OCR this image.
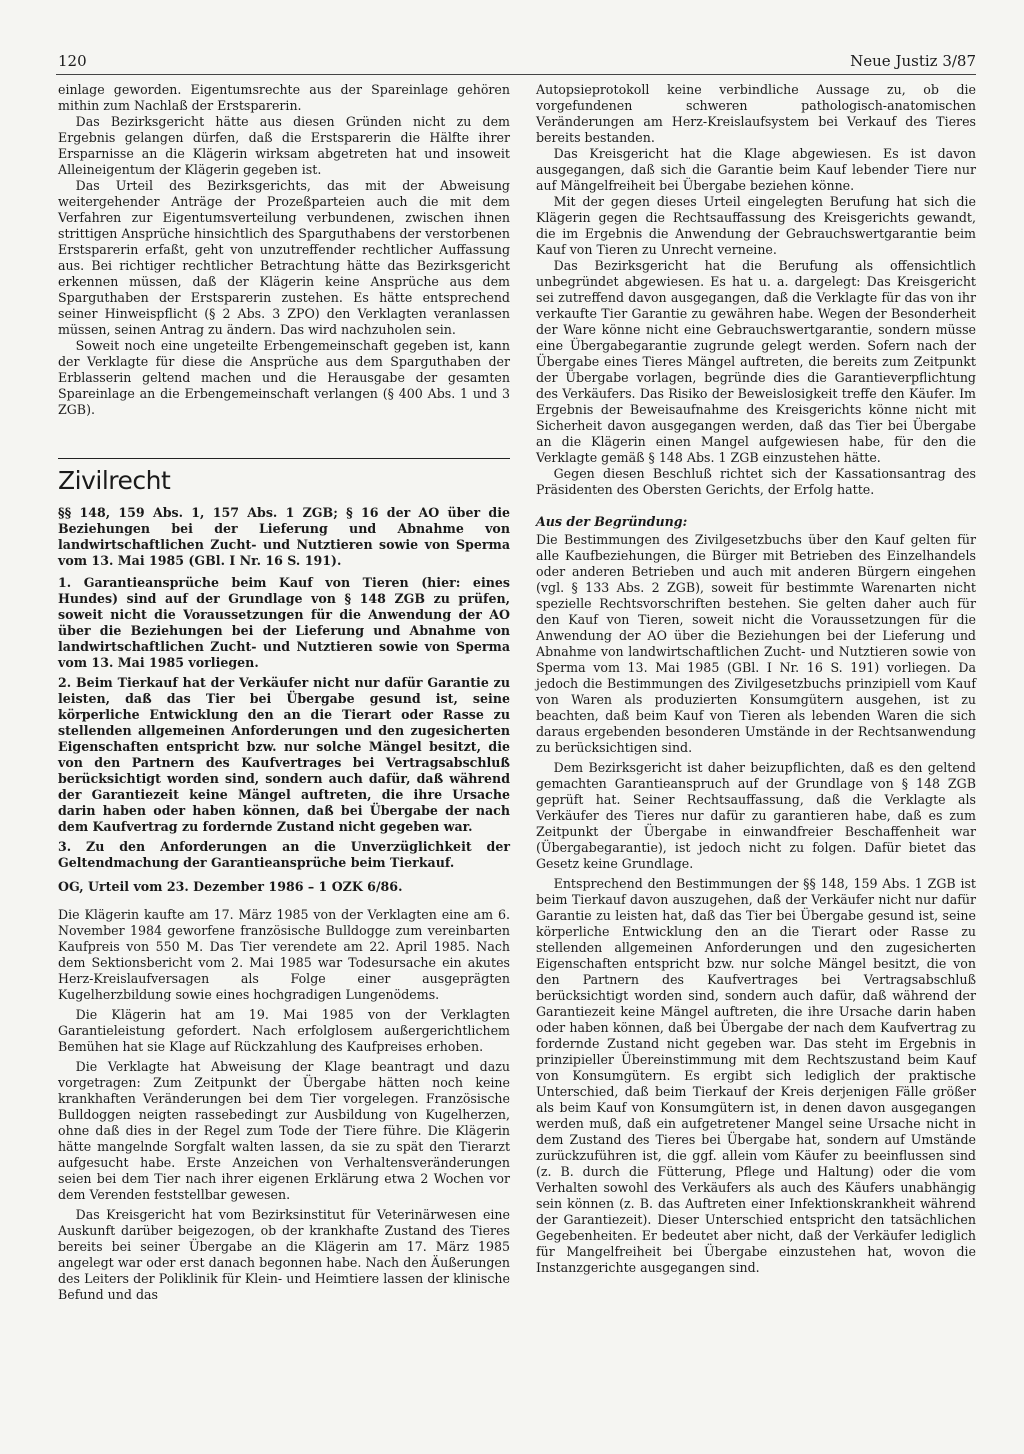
120	Neue Justiz 3/87

einlage geworden. Eigentumsrechte aus der Spareinlage gehören mithin zum Nachlaß der Erstsparerin.

Das Bezirksgericht hätte aus diesen Gründen nicht zu dem Ergebnis gelangen dürfen, daß die Erstsparerin die Hälfte ihrer Ersparnisse an die Klägerin wirksam abgetreten hat und insoweit Alleineigentum der Klägerin gegeben ist.

Das Urteil des Bezirksgerichts, das mit der Abweisung weitergehender Anträge der Prozeßparteien auch die mit dem Verfahren zur Eigentumsverteilung verbundenen, zwischen ihnen strittigen Ansprüche hinsichtlich des Sparguthabens der verstorbenen Erstsparerin erfaßt, geht von unzutreffender rechtlicher Auffassung aus. Bei richtiger rechtlicher Betrachtung hätte das Bezirksgericht erkennen müssen, daß der Klägerin keine Ansprüche aus dem Sparguthaben der Erstsparerin zustehen. Es hätte entsprechend seiner Hinweispflicht (§ 2 Abs. 3 ZPO) den Verklagten veranlassen müssen, seinen Antrag zu ändern. Das wird nachzuholen sein.

Soweit noch eine ungeteilte Erbengemeinschaft gegeben ist, kann der Verklagte für diese die Ansprüche aus dem Sparguthaben der Erblasserin geltend machen und die Herausgabe der gesamten Spareinlage an die Erbengemeinschaft verlangen (§ 400 Abs. 1 und 3 ZGB).

Zivilrecht

§§ 148, 159 Abs. 1, 157 Abs. 1 ZGB; § 16 der AO über die Beziehungen bei der Lieferung und Abnahme von landwirtschaftlichen Zucht- und Nutztieren sowie von Sperma vom 13. Mai 1985 (GBl. I Nr. 16 S. 191).

1. Garantieansprüche beim Kauf von Tieren (hier: eines Hundes) sind auf der Grundlage von § 148 ZGB zu prüfen, soweit nicht die Voraussetzungen für die Anwendung der AO über die Beziehungen bei der Lieferung und Abnahme von landwirtschaftlichen Zucht- und Nutztieren sowie von Sperma vom 13. Mai 1985 vorliegen.

2. Beim Tierkauf hat der Verkäufer nicht nur dafür Garantie zu leisten, daß das Tier bei Übergabe gesund ist, seine körperliche Entwicklung den an die Tierart oder Rasse zu stellenden allgemeinen Anforderungen und den zugesicherten Eigenschaften entspricht bzw. nur solche Mängel besitzt, die von den Partnern des Kaufvertrages bei Vertragsabschluß berücksichtigt worden sind, sondern auch dafür, daß während der Garantiezeit keine Mängel auftreten, die ihre Ursache darin haben oder haben können, daß bei Übergabe der nach dem Kaufvertrag zu fordernde Zustand nicht gegeben war.

3. Zu den Anforderungen an die Unverzüglichkeit der Geltendmachung der Garantieansprüche beim Tierkauf.

OG, Urteil vom 23. Dezember 1986 – 1 OZK 6/86.

Die Klägerin kaufte am 17. März 1985 von der Verklagten eine am 6. November 1984 geworfene französische Bulldogge zum vereinbarten Kaufpreis von 550 M. Das Tier verendete am 22. April 1985. Nach dem Sektionsbericht vom 2. Mai 1985 war Todesursache ein akutes Herz-Kreislaufversagen als Folge einer ausgeprägten Kugelherzbildung sowie eines hochgradigen Lungenödems.

Die Klägerin hat am 19. Mai 1985 von der Verklagten Garantieleistung gefordert. Nach erfolglosem außergerichtlichem Bemühen hat sie Klage auf Rückzahlung des Kaufpreises erhoben.

Die Verklagte hat Abweisung der Klage beantragt und dazu vorgetragen: Zum Zeitpunkt der Übergabe hätten noch keine krankhaften Veränderungen bei dem Tier vorgelegen. Französische Bulldoggen neigten rassebedingt zur Ausbildung von Kugelherzen, ohne daß dies in der Regel zum Tode der Tiere führe. Die Klägerin hätte mangelnde Sorgfalt walten lassen, da sie zu spät den Tierarzt aufgesucht habe. Erste Anzeichen von Verhaltensveränderungen seien bei dem Tier nach ihrer eigenen Erklärung etwa 2 Wochen vor dem Verenden feststellbar gewesen.

Das Kreisgericht hat vom Bezirksinstitut für Veterinärwesen eine Auskunft darüber beigezogen, ob der krankhafte Zustand des Tieres bereits bei seiner Übergabe an die Klägerin am 17. März 1985 angelegt war oder erst danach begonnen habe. Nach den Äußerungen des Leiters der Poliklinik für Klein- und Heimtiere lassen der klinische Befund und das

Autopsieprotokoll keine verbindliche Aussage zu, ob die vorgefundenen schweren pathologisch-anatomischen Veränderungen am Herz-Kreislaufsystem bei Verkauf des Tieres bereits bestanden.

Das Kreisgericht hat die Klage abgewiesen. Es ist davon ausgegangen, daß sich die Garantie beim Kauf lebender Tiere nur auf Mängelfreiheit bei Übergabe beziehen könne.

Mit der gegen dieses Urteil eingelegten Berufung hat sich die Klägerin gegen die Rechtsauffassung des Kreisgerichts gewandt, die im Ergebnis die Anwendung der Gebrauchswertgarantie beim Kauf von Tieren zu Unrecht verneine.

Das Bezirksgericht hat die Berufung als offensichtlich unbegründet abgewiesen. Es hat u. a. dargelegt: Das Kreisgericht sei zutreffend davon ausgegangen, daß die Verklagte für das von ihr verkaufte Tier Garantie zu gewähren habe. Wegen der Besonderheit der Ware könne nicht eine Gebrauchswertgarantie, sondern müsse eine Übergabegarantie zugrunde gelegt werden. Sofern nach der Übergabe eines Tieres Mängel auftreten, die bereits zum Zeitpunkt der Übergabe vorlagen, begründe dies die Garantieverpflichtung des Verkäufers. Das Risiko der Beweislosigkeit treffe den Käufer. Im Ergebnis der Beweisaufnahme des Kreisgerichts könne nicht mit Sicherheit davon ausgegangen werden, daß das Tier bei Übergabe an die Klägerin einen Mangel aufgewiesen habe, für den die Verklagte gemäß § 148 Abs. 1 ZGB einzustehen hätte.

Gegen diesen Beschluß richtet sich der Kassationsantrag des Präsidenten des Obersten Gerichts, der Erfolg hatte.

Aus der Begründung:

Die Bestimmungen des Zivilgesetzbuchs über den Kauf gelten für alle Kaufbeziehungen, die Bürger mit Betrieben des Einzelhandels oder anderen Betrieben und auch mit anderen Bürgern eingehen (vgl. § 133 Abs. 2 ZGB), soweit für bestimmte Warenarten nicht spezielle Rechtsvorschriften bestehen. Sie gelten daher auch für den Kauf von Tieren, soweit nicht die Voraussetzungen für die Anwendung der AO über die Beziehungen bei der Lieferung und Abnahme von landwirtschaftlichen Zucht- und Nutztieren sowie von Sperma vom 13. Mai 1985 (GBl. I Nr. 16 S. 191) vorliegen. Da jedoch die Bestimmungen des Zivilgesetzbuchs prinzipiell vom Kauf von Waren als produzierten Konsumgütern ausgehen, ist zu beachten, daß beim Kauf von Tieren als lebenden Waren die sich daraus ergebenden besonderen Umstände in der Rechtsanwendung zu berücksichtigen sind.

Dem Bezirksgericht ist daher beizupflichten, daß es den geltend gemachten Garantieanspruch auf der Grundlage von § 148 ZGB geprüft hat. Seiner Rechtsauffassung, daß die Verklagte als Verkäufer des Tieres nur dafür zu garantieren habe, daß es zum Zeitpunkt der Übergabe in einwandfreier Beschaffenheit war (Übergabegarantie), ist jedoch nicht zu folgen. Dafür bietet das Gesetz keine Grundlage.

Entsprechend den Bestimmungen der §§ 148, 159 Abs. 1 ZGB ist beim Tierkauf davon auszugehen, daß der Verkäufer nicht nur dafür Garantie zu leisten hat, daß das Tier bei Übergabe gesund ist, seine körperliche Entwicklung den an die Tierart oder Rasse zu stellenden allgemeinen Anforderungen und den zugesicherten Eigenschaften entspricht bzw. nur solche Mängel besitzt, die von den Partnern des Kaufvertrages bei Vertragsabschluß berücksichtigt worden sind, sondern auch dafür, daß während der Garantiezeit keine Mängel auftreten, die ihre Ursache darin haben oder haben können, daß bei Übergabe der nach dem Kaufvertrag zu fordernde Zustand nicht gegeben war. Das steht im Ergebnis in prinzipieller Übereinstimmung mit dem Rechtszustand beim Kauf von Konsumgütern. Es ergibt sich lediglich der praktische Unterschied, daß beim Tierkauf der Kreis derjenigen Fälle größer als beim Kauf von Konsumgütern ist, in denen davon ausgegangen werden muß, daß ein aufgetretener Mangel seine Ursache nicht in dem Zustand des Tieres bei Übergabe hat, sondern auf Umstände zurückzuführen ist, die ggf. allein vom Käufer zu beeinflussen sind (z. B. durch die Fütterung, Pflege und Haltung) oder die vom Verhalten sowohl des Verkäufers als auch des Käufers unabhängig sein können (z. B. das Auftreten einer Infektionskrankheit während der Garantiezeit). Dieser Unterschied entspricht den tatsächlichen Gegebenheiten. Er bedeutet aber nicht, daß der Verkäufer lediglich für Mangelfreiheit bei Übergabe einzustehen hat, wovon die Instanzgerichte ausgegangen sind.
